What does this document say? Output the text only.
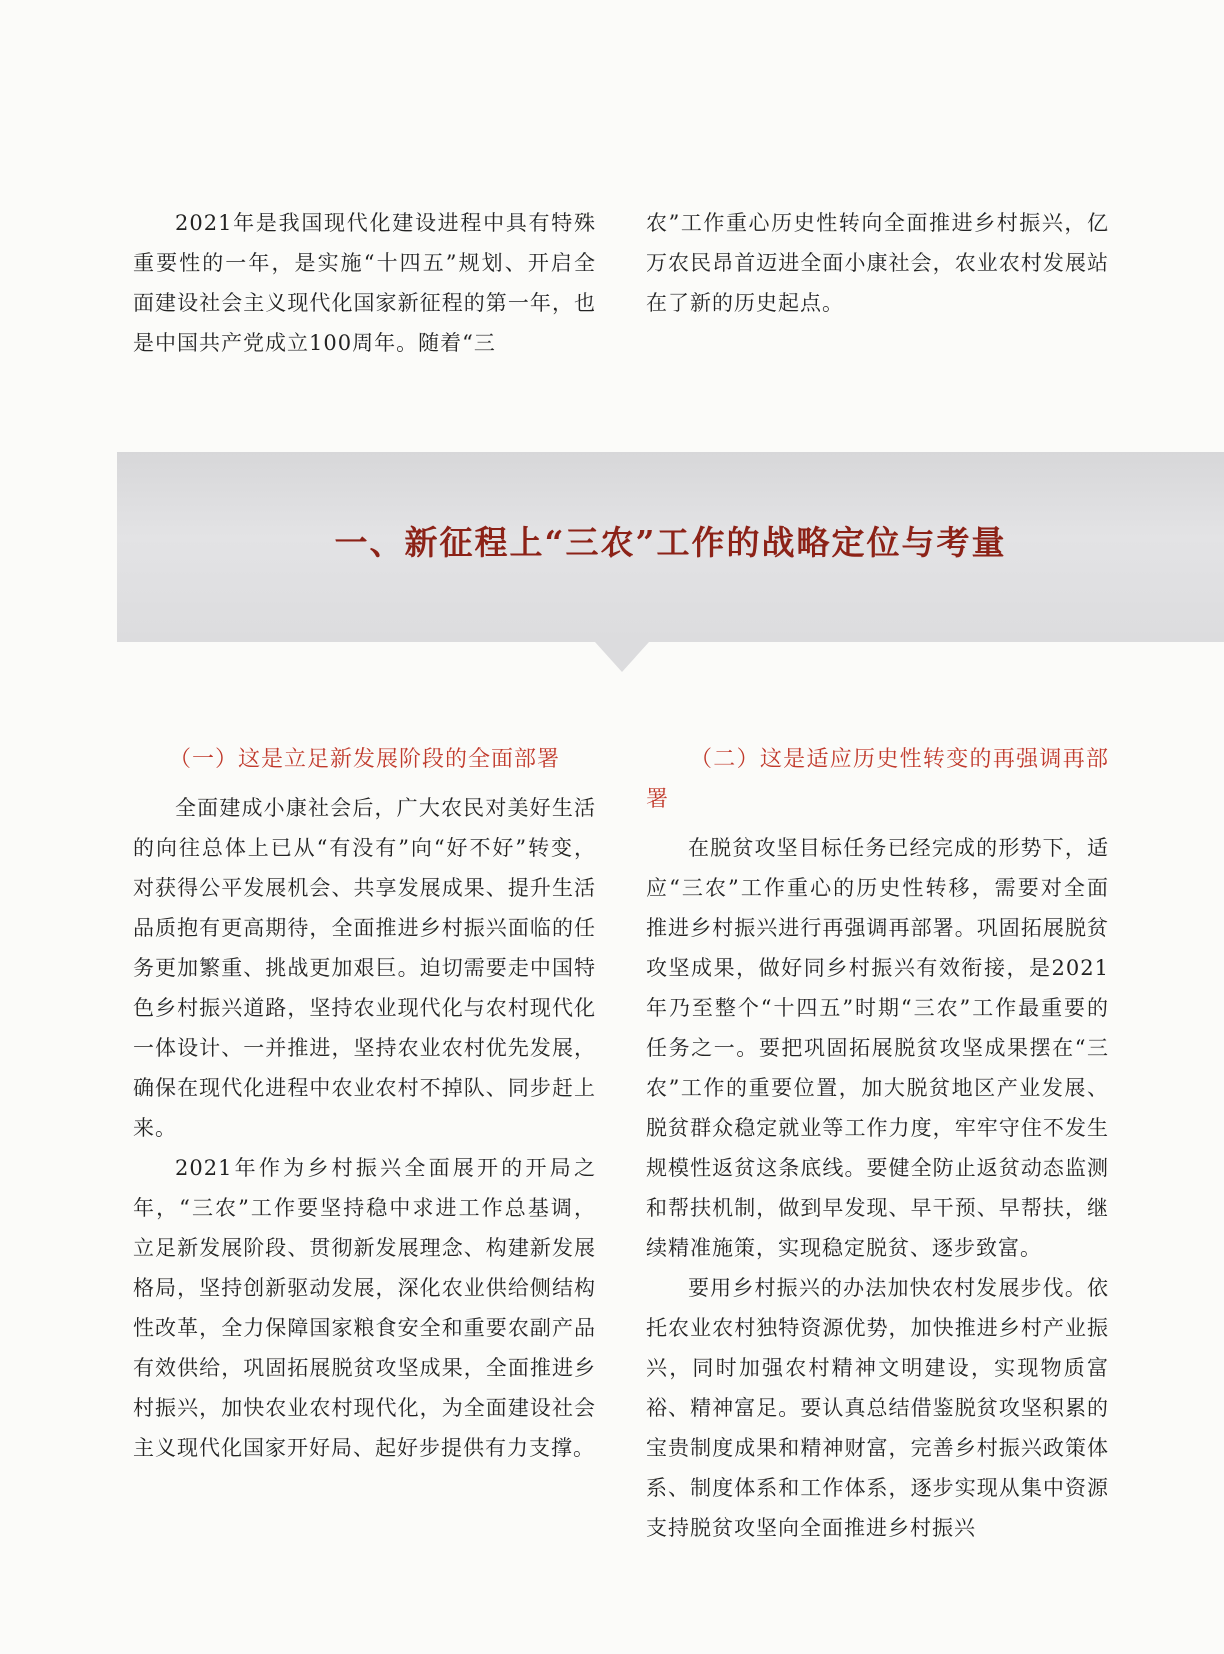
2021年是我国现代化建设进程中具有特殊重要性的一年，是实施“十四五”规划、开启全面建设社会主义现代化国家新征程的第一年，也是中国共产党成立100周年。随着“三

农”工作重心历史性转向全面推进乡村振兴，亿万农民昂首迈进全面小康社会，农业农村发展站在了新的历史起点。

一、新征程上“三农”工作的战略定位与考量
（一）这是立足新发展阶段的全面部署

全面建成小康社会后，广大农民对美好生活的向往总体上已从“有没有”向“好不好”转变，对获得公平发展机会、共享发展成果、提升生活品质抱有更高期待，全面推进乡村振兴面临的任务更加繁重、挑战更加艰巨。迫切需要走中国特色乡村振兴道路，坚持农业现代化与农村现代化一体设计、一并推进，坚持农业农村优先发展，确保在现代化进程中农业农村不掉队、同步赶上来。

2021年作为乡村振兴全面展开的开局之年，“三农”工作要坚持稳中求进工作总基调，立足新发展阶段、贯彻新发展理念、构建新发展格局，坚持创新驱动发展，深化农业供给侧结构性改革，全力保障国家粮食安全和重要农副产品有效供给，巩固拓展脱贫攻坚成果，全面推进乡村振兴，加快农业农村现代化，为全面建设社会主义现代化国家开好局、起好步提供有力支撑。

（二）这是适应历史性转变的再强调再部署

在脱贫攻坚目标任务已经完成的形势下，适应“三农”工作重心的历史性转移，需要对全面推进乡村振兴进行再强调再部署。巩固拓展脱贫攻坚成果，做好同乡村振兴有效衔接，是2021年乃至整个“十四五”时期“三农”工作最重要的任务之一。要把巩固拓展脱贫攻坚成果摆在“三农”工作的重要位置，加大脱贫地区产业发展、脱贫群众稳定就业等工作力度，牢牢守住不发生规模性返贫这条底线。要健全防止返贫动态监测和帮扶机制，做到早发现、早干预、早帮扶，继续精准施策，实现稳定脱贫、逐步致富。

要用乡村振兴的办法加快农村发展步伐。依托农业农村独特资源优势，加快推进乡村产业振兴，同时加强农村精神文明建设，实现物质富裕、精神富足。要认真总结借鉴脱贫攻坚积累的宝贵制度成果和精神财富，完善乡村振兴政策体系、制度体系和工作体系，逐步实现从集中资源支持脱贫攻坚向全面推进乡村振兴
